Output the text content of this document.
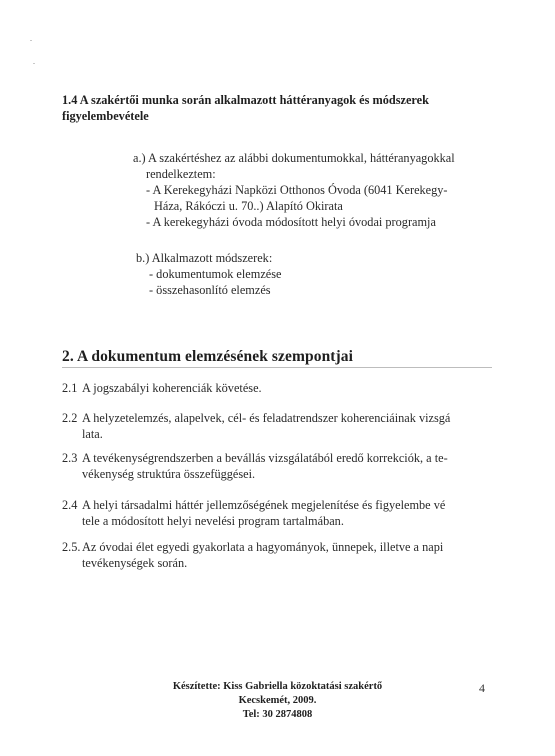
1.4 A szakértői munka során alkalmazott háttéranyagok és módszerek
figyelembevétele
a.) A szakértéshez az alábbi dokumentumokkal, háttéranyagokkal
rendelkeztem:
- A Kerekegyházi Napközi Otthonos Óvoda (6041 Kerekegy-
Háza, Rákóczi u. 70..) Alapító Okirata
- A kerekegyházi óvoda módosított helyi óvodai programja
b.) Alkalmazott módszerek:
- dokumentumok elemzése
- összehasonlító elemzés
2. A dokumentum elemzésének szempontjai
2.1 A jogszabályi koherenciák követése.
2.2 A helyzetelemzés, alapelvek, cél- és feladatrendszer koherenciáinak vizsgá
lata.
2.3 A tevékenységrendszerben a bevállás vizsgálatából eredő korrekciók, a te-
vékenység struktúra összefüggései.
2.4 A helyi társadalmi háttér jellemzőségének megjelenítése és figyelembe vé
tele a módosított helyi nevelési program tartalmában.
2.5. Az óvodai élet egyedi gyakorlata a hagyományok, ünnepek, illetve a napi
tevékenységek során.
Készítette: Kiss Gabriella közoktatási szakértő
Kecskemét, 2009.
Tel: 30 2874808
4
